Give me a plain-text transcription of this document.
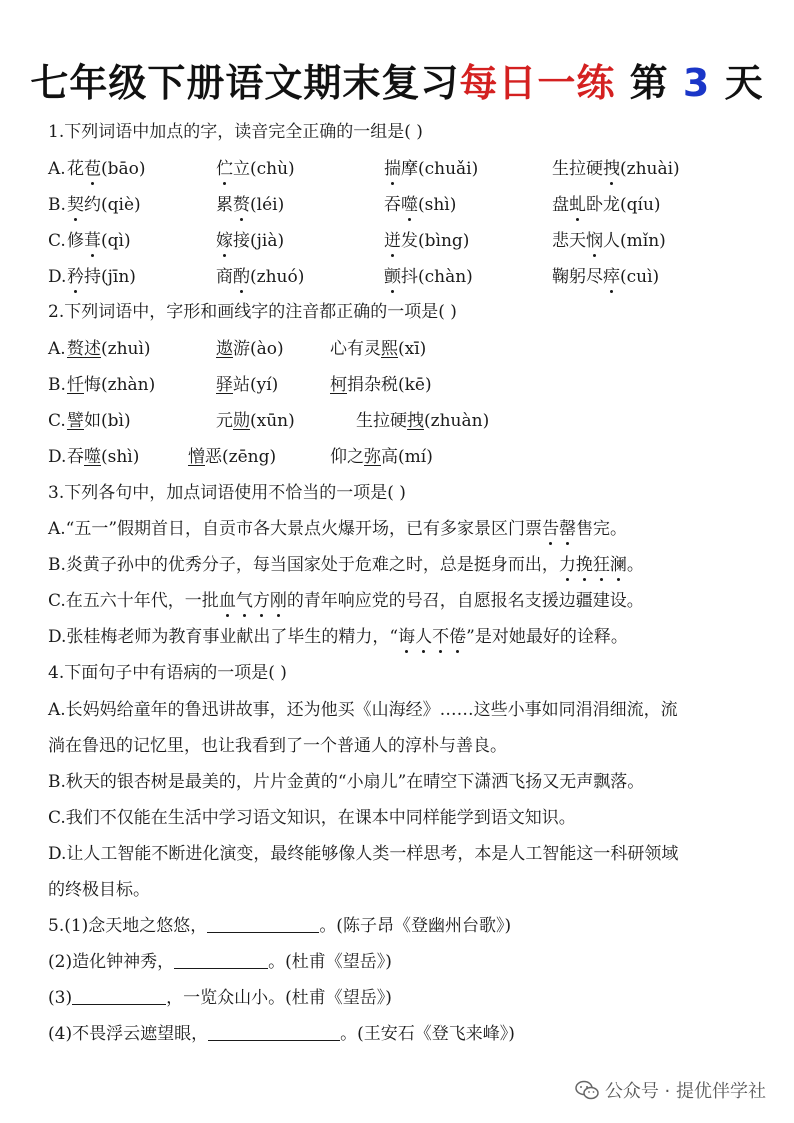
七年级下册语文期末复习每日一练 第 3 天
1.下列词语中加点的字，读音完全正确的一组是( )
A. 花苞(bāo)	伫立(chù)	揣摩(chuǎi)	生拉硬拽(zhuài)
B. 契约(qiè)	累赘(léi)	吞噬(shì)	盘虬卧龙(qíu)
C. 修葺(qì)	嫁接(jià)	迸发(bìng)	悲天悯人(mǐn)
D. 矜持(jīn)	商酌(zhuó)	颤抖(chàn)	鞠躬尽瘁(cuì)
2.下列词语中，字形和画线字的注音都正确的一项是( )
A. 赘述(zhuì)	遨游(ào)	心有灵熙(xī)
B. 忏悔(zhàn)	驿站(yí)	柯捐杂税(kē)
C. 譬如(bì)	元勋(xūn)	生拉硬拽(zhuàn)
D. 吞噬(shì)	憎恶(zēng)	仰之弥高(mí)
3.下列各句中，加点词语使用不恰当的一项是( )
A.“五一”假期首日，自贡市各大景点火爆开场，已有多家景区门票告罄售完。
B.炎黄子孙中的优秀分子，每当国家处于危难之时，总是挺身而出，力挽狂澜。
C.在五六十年代，一批血气方刚的青年响应党的号召，自愿报名支援边疆建设。
D.张桂梅老师为教育事业献出了毕生的精力，“诲人不倦”是对她最好的诠释。
4.下面句子中有语病的一项是( )
A.长妈妈给童年的鲁迅讲故事，还为他买《山海经》……这些小事如同涓涓细流，流
淌在鲁迅的记忆里，也让我看到了一个普通人的淳朴与善良。
B.秋天的银杏树是最美的，片片金黄的“小扇儿”在晴空下潇洒飞扬又无声飘落。
C.我们不仅能在生活中学习语文知识，在课本中同样能学到语文知识。
D.让人工智能不断进化演变，最终能够像人类一样思考，本是人工智能这一科研领域
的终极目标。
5.(1)念天地之悠悠，	。(陈子昂《登幽州台歌》)
(2)造化钟神秀，	。(杜甫《望岳》)
(3)	，一览众山小。(杜甫《望岳》)
(4)不畏浮云遮望眼，	。(王安石《登飞来峰》)
公众号 · 提优伴学社
